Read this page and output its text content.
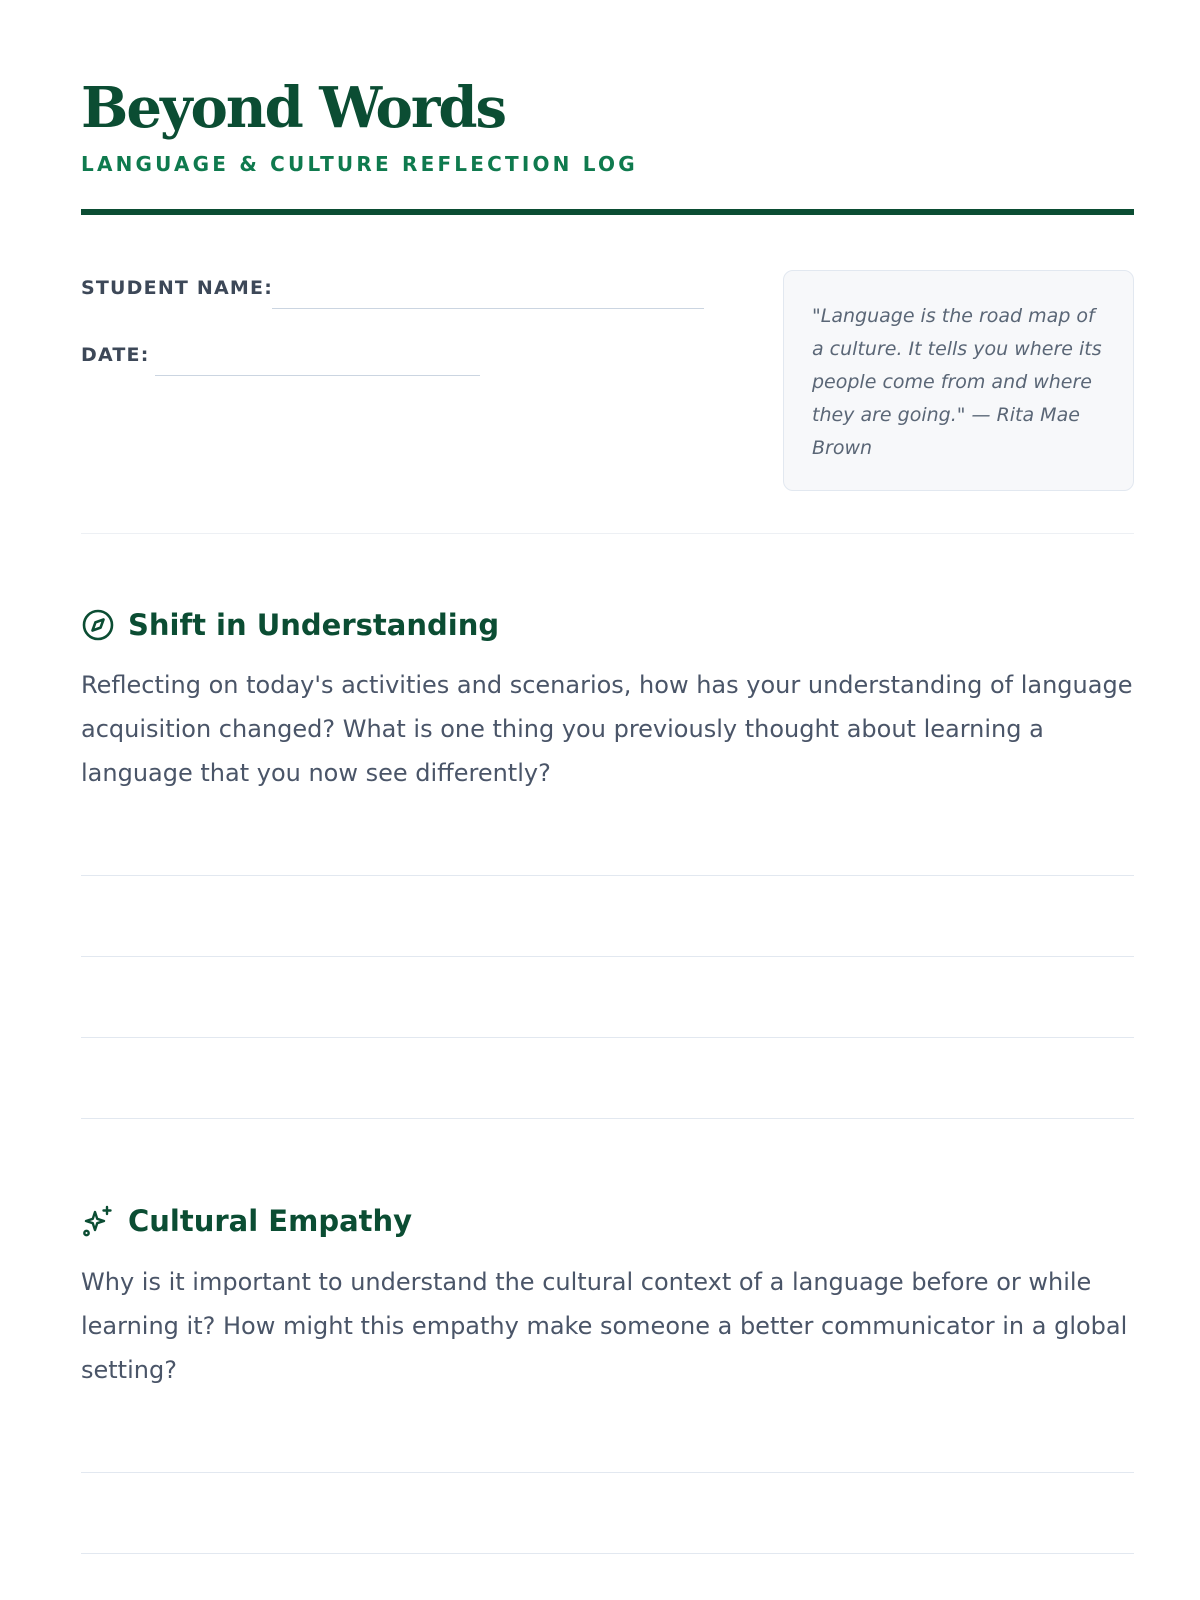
Beyond Words
LANGUAGE & CULTURE REFLECTION LOG
STUDENT NAME:
DATE:

"Language is the road map of a culture. It tells you where its people come from and where they are going." — Rita Mae Brown

Shift in Understanding

Reflecting on today's activities and scenarios, how has your understanding of language acquisition changed? What is one thing you previously thought about learning a language that you now see differently?

Cultural Empathy

Why is it important to understand the cultural context of a language before or while learning it? How might this empathy make someone a better communicator in a global setting?
